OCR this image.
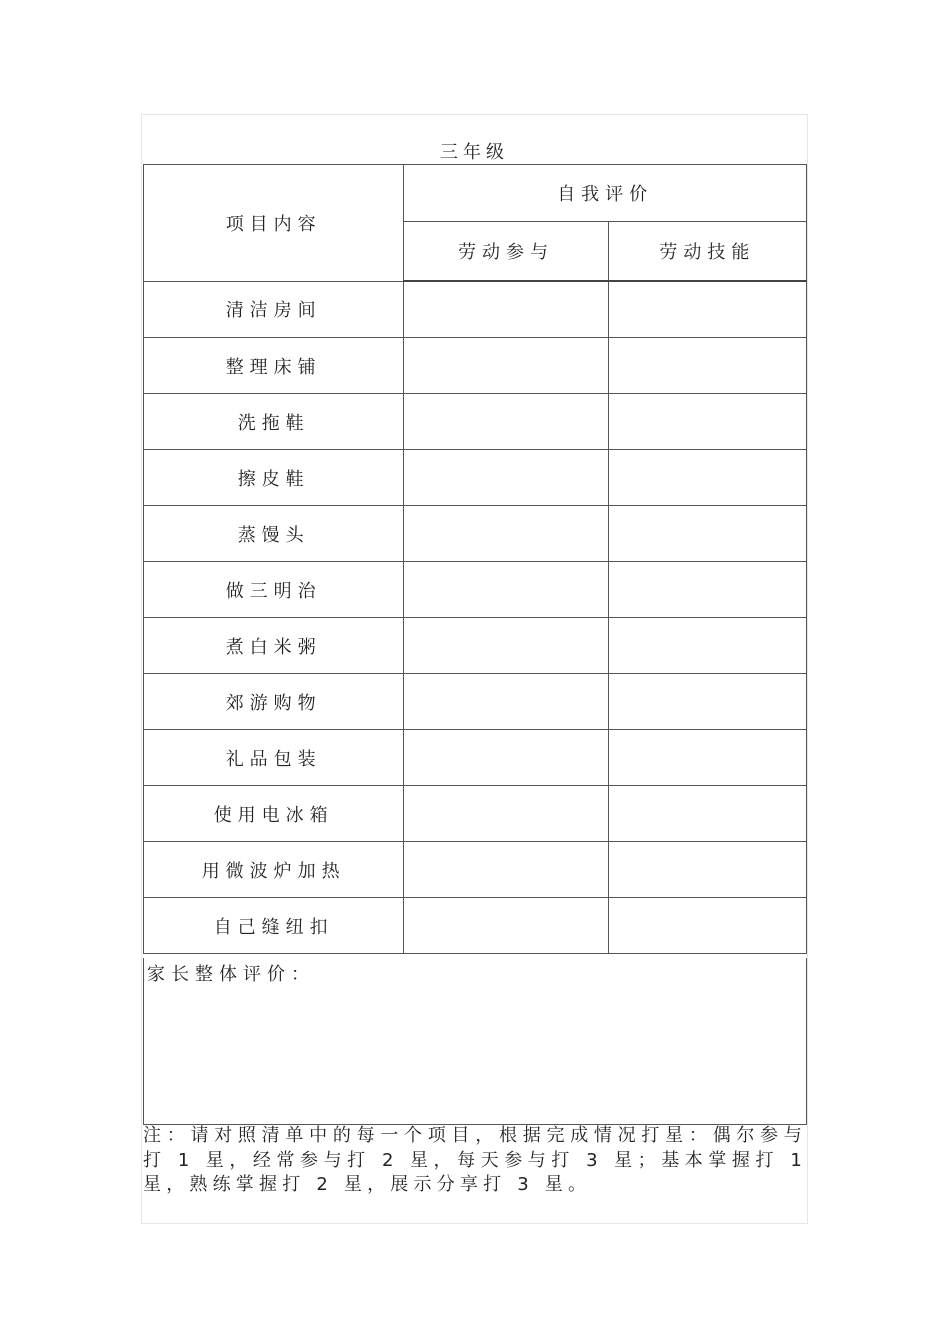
三年级
项目内容	自我评价	
	劳动参与	劳动技能
清洁房间		
整理床铺		
洗拖鞋		
擦皮鞋		
蒸馒头		
做三明治		
煮白米粥		
郊游购物		
礼品包装		
使用电冰箱		
用微波炉加热		
自己缝纽扣		
家长整体评价：
注：请对照清单中的每一个项目，根据完成情况打星：偶尔参与打 1 星，经常参与打 2 星，每天参与打 3 星；基本掌握打 1 星，熟练掌握打 2 星，展示分享打 3 星。
